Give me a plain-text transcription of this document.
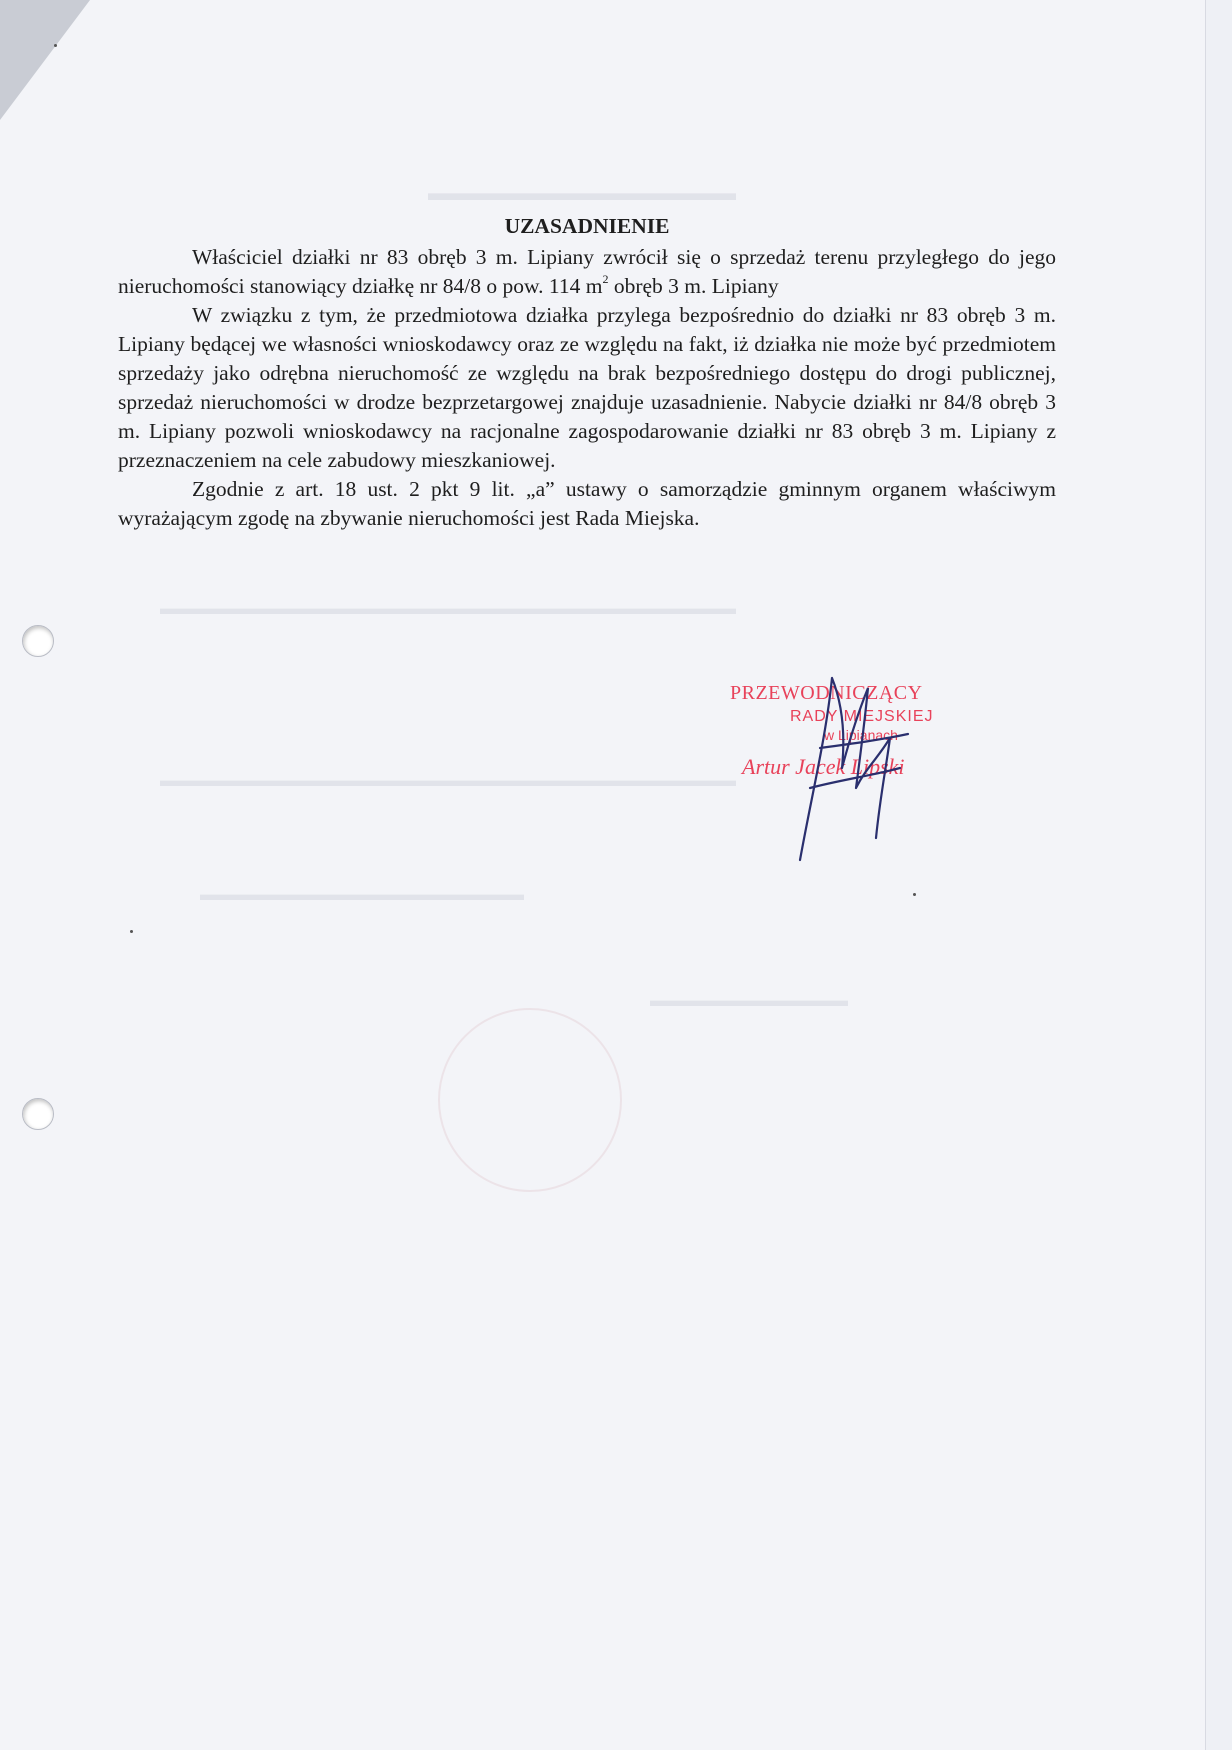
▬▬▬▬▬▬▬▬▬▬▬▬▬▬
▬▬▬▬▬▬▬▬▬▬▬▬▬▬▬▬▬▬▬▬▬▬▬▬▬▬▬▬▬▬▬▬
▬▬▬▬▬▬▬▬▬▬▬▬▬▬▬▬▬▬▬▬▬▬▬▬▬▬▬▬▬▬▬▬
▬▬▬▬▬▬▬▬▬▬▬▬▬▬▬▬▬▬
▬▬▬▬▬▬▬▬▬▬▬

UZASADNIENIE

Właściciel działki nr 83 obręb 3 m. Lipiany zwrócił się o sprzedaż terenu przyległego do jego nieruchomości stanowiący działkę nr 84/8 o pow. 114 $m^2$ obręb 3 m. Lipiany

W związku z tym, że przedmiotowa działka przylega bezpośrednio do działki nr 83 obręb 3 m. Lipiany będącej we własności wnioskodawcy oraz ze względu na fakt, iż działka nie może być przedmiotem sprzedaży jako odrębna nieruchomość ze względu na brak bezpośredniego dostępu do drogi publicznej, sprzedaż nieruchomości w drodze bezprzetargowej znajduje uzasadnienie. Nabycie działki nr 84/8 obręb 3 m. Lipiany pozwoli wnioskodawcy na racjonalne zagospodarowanie działki nr 83 obręb 3 m. Lipiany z przeznaczeniem na cele zabudowy mieszkaniowej.

Zgodnie z art. 18 ust. 2 pkt 9 lit. „a” ustawy o samorządzie gminnym organem właściwym wyrażającym zgodę na zbywanie nieruchomości jest Rada Miejska.

PRZEWODNICZĄCY
RADY MIEJSKIEJ
w Lipianach
Artur Jacek Lipski
